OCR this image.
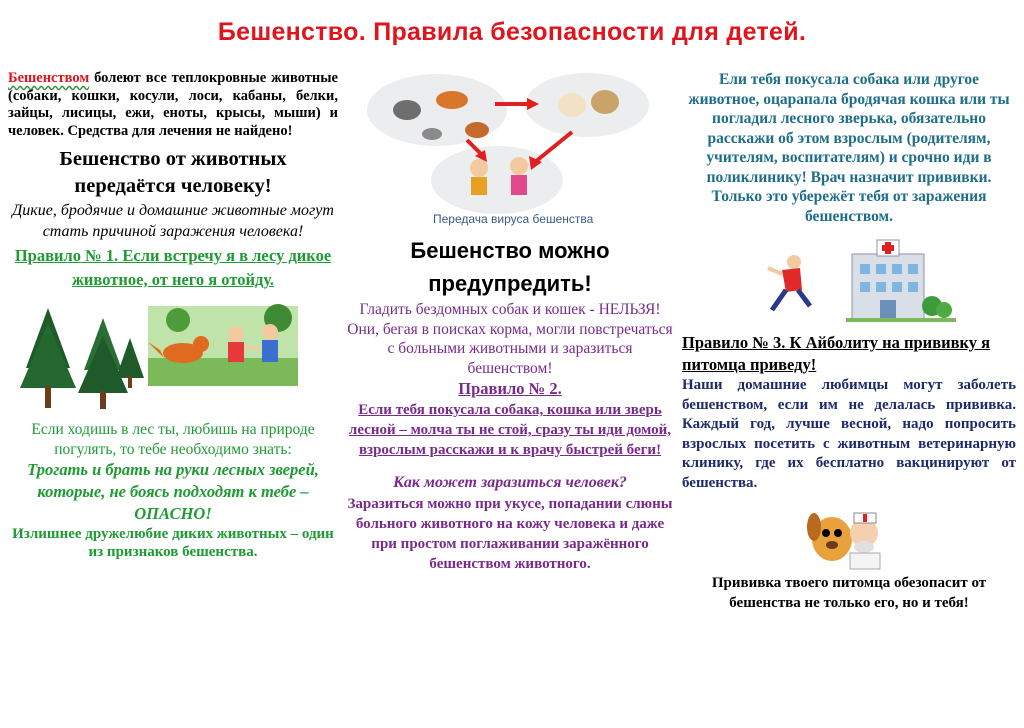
Бешенство. Правила безопасности для детей.
Бешенством болеют все теплокровные животные (собаки, кошки, косули, лоси, кабаны, белки, зайцы, лисицы, ежи, еноты, крысы, мыши) и человек. Средства для лечения не найдено!
Бешенство от животных передаётся человеку!
Дикие, бродячие и домашние животные могут стать причиной заражения человека!
Правило № 1. Если встречу я в лесу дикое животное, от него я отойду.
Если ходишь в лес ты, любишь на природе погулять, то тебе необходимо знать:
Трогать и брать на руки лесных зверей, которые, не боясь подходят к тебе – ОПАСНО!
Излишнее дружелюбие диких животных – один из признаков бешенства.
Передача вируса бешенства
Бешенство можно предупредить!
Гладить бездомных собак и кошек - НЕЛЬЗЯ! Они, бегая в поисках корма, могли повстречаться с больными животными и заразиться бешенством!
Правило № 2.
Если тебя покусала собака, кошка или зверь лесной – молча ты не стой, сразу ты иди домой, взрослым расскажи и к врачу быстрей беги!
Как может заразиться человек?
Заразиться можно при укусе, попадании слюны больного животного на кожу человека и даже при простом поглаживании заражённого бешенством животного.
Ели тебя покусала собака или другое животное, оцарапала бродячая кошка или ты погладил лесного зверька, обязательно расскажи об этом взрослым (родителям, учителям, воспитателям) и срочно иди в поликлинику! Врач назначит прививки. Только это убережёт тебя от заражения бешенством.
Правило № 3. К Айболиту на прививку я питомца приведу!
Наши домашние любимцы могут заболеть бешенством, если им не делалась прививка. Каждый год, лучше весной, надо попросить взрослых посетить с животным ветеринарную клинику, где их бесплатно вакцинируют от бешенства.
Прививка твоего питомца обезопасит от бешенства не только его, но и тебя!
